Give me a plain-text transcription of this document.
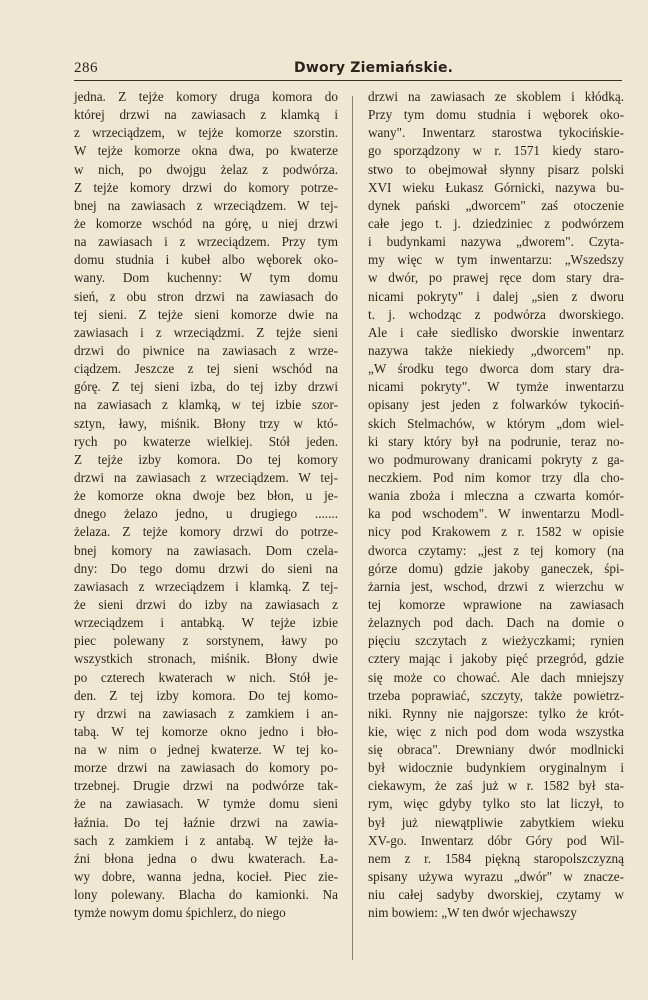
286	Dwory Ziemiańskie.
jedna. Z tejże komory druga komora do
której drzwi na zawiasach z klamką i
z wrzeciądzem, w tejże komorze szorstin.
W tejże komorze okna dwa, po kwaterze
w nich, po dwojgu żelaz z podwórza.
Z tejże komory drzwi do komory potrze-
bnej na zawiasach z wrzeciądzem. W tej-
że komorze wschód na górę, u niej drzwi
na zawiasach i z wrzeciądzem. Przy tym
domu studnia i kubeł albo węborek oko-
wany. Dom kuchenny: W tym domu
sień, z obu stron drzwi na zawiasach do
tej sieni. Z tejże sieni komorze dwie na
zawiasach i z wrzeciądzmi. Z tejże sieni
drzwi do piwnice na zawiasach z wrze-
ciądzem. Jeszcze z tej sieni wschód na
górę. Z tej sieni izba, do tej izby drzwi
na zawiasach z klamką, w tej izbie szor-
sztyn, ławy, miśnik. Błony trzy w któ-
rych po kwaterze wielkiej. Stół jeden.
Z tejże izby komora. Do tej komory
drzwi na zawiasach z wrzeciądzem. W tej-
że komorze okna dwoje bez błon, u je-
dnego żelazo jedno, u drugiego .......
żelaza. Z tejże komory drzwi do potrze-
bnej komory na zawiasach. Dom czela-
dny: Do tego domu drzwi do sieni na
zawiasach z wrzeciądzem i klamką. Z tej-
że sieni drzwi do izby na zawiasach z
wrzeciądzem i antabką. W tejże izbie
piec polewany z sorstynem, ławy po
wszystkich stronach, miśnik. Błony dwie
po czterech kwaterach w nich. Stół je-
den. Z tej izby komora. Do tej komo-
ry drzwi na zawiasach z zamkiem i an-
tabą. W tej komorze okno jedno i bło-
na w nim o jednej kwaterze. W tej ko-
morze drzwi na zawiasach do komory po-
trzebnej. Drugie drzwi na podwórze tak-
że na zawiasach. W tymże domu sieni
łaźnia. Do tej łaźnie drzwi na zawia-
sach z zamkiem i z antabą. W tejże ła-
źni błona jedna o dwu kwaterach. Ła-
wy dobre, wanna jedna, kocieł. Piec zie-
lony polewany. Blacha do kamionki. Na
tymże nowym domu śpichlerz, do niego
drzwi na zawiasach ze skoblem i kłódką.
Przy tym domu studnia i węborek oko-
wany". Inwentarz starostwa tykocińskie-
go sporządzony w r. 1571 kiedy staro-
stwo to obejmował słynny pisarz polski
XVI wieku Łukasz Górnicki, nazywa bu-
dynek pański „dworcem" zaś otoczenie
całe jego t. j. dziedziniec z podwórzem
i budynkami nazywa „dworem". Czyta-
my więc w tym inwentarzu: „Wszedszy
w dwór, po prawej ręce dom stary dra-
nicami pokryty" i dalej „sien z dworu
t. j. wchodząc z podwórza dworskiego.
Ale i całe siedlisko dworskie inwentarz
nazywa także niekiedy „dworcem" np.
„W środku tego dworca dom stary dra-
nicami pokryty". W tymże inwentarzu
opisany jest jeden z folwarków tykociń-
skich Stelmachów, w którym „dom wiel-
ki stary który był na podrunie, teraz no-
wo podmurowany dranicami pokryty z ga-
neczkiem. Pod nim komor trzy dla cho-
wania zboża i mleczna a czwarta komór-
ka pod wschodem". W inwentarzu Modl-
nicy pod Krakowem z r. 1582 w opisie
dworca czytamy: „jest z tej komory (na
górze domu) gdzie jakoby ganeczek, śpi-
żarnia jest, wschod, drzwi z wierzchu w
tej komorze wprawione na zawiasach
żelaznych pod dach. Dach na domie o
pięciu szczytach z wieżyczkami; rynien
cztery mając i jakoby pięć przegród, gdzie
się może co chować. Ale dach mniejszy
trzeba poprawiać, szczyty, także powietrz-
niki. Rynny nie najgorsze: tylko że krót-
kie, więc z nich pod dom woda wszystka
się obraca". Drewniany dwór modlnicki
był widocznie budynkiem oryginalnym i
ciekawym, że zaś już w r. 1582 był sta-
rym, więc gdyby tylko sto lat liczył, to
był już niewątpliwie zabytkiem wieku
XV-go. Inwentarz dóbr Góry pod Wil-
nem z r. 1584 piękną staropolszczyzną
spisany używa wyrazu „dwór" w znacze-
niu całej sadyby dworskiej, czytamy w
nim bowiem: „W ten dwór wjechawszy
